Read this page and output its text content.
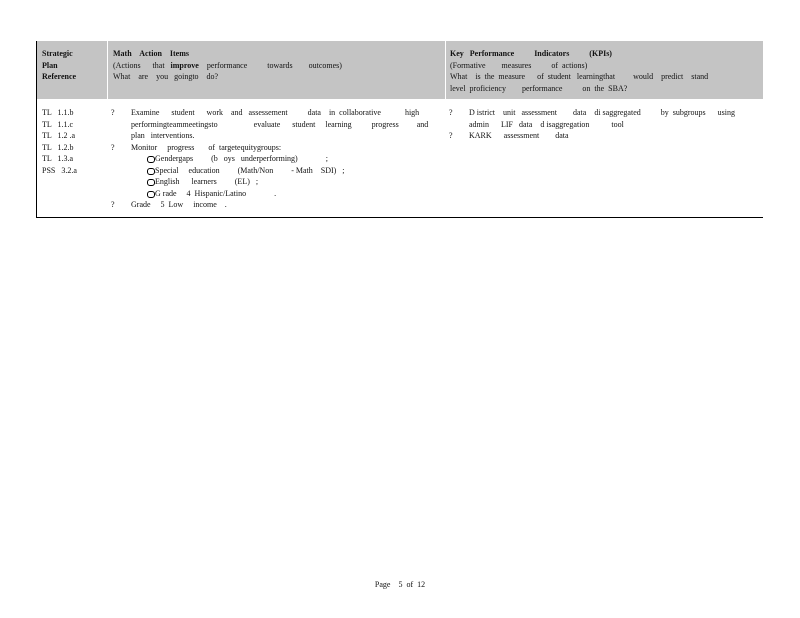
Strategic
Plan
Reference
Math    Action    Items
(Actions      that   improve    performance          towards        outcomes)
What    are    you   goingto    do?
Key   Performance          Indicators          (KPIs)
(Formative        measures          of  actions)
What    is  the  measure      of  student   learningthat         would    predict    stand
level  proficiency        performance          on  the  SBA?
TL   1.1.b
TL   1.1.c
TL   1.2 .a
TL   1.2.b
TL   1.3.a
PSS   3.2.a
? Examine      student      work    and   assessement          data    in  collaborative            high
performingteammeetingsto                  evaluate      student     learning          progress         and
plan   interventions.
? Monitor     progress       of  targetequitygroups:
Gendergaps         (b   oys   underperforming)              ;
Special     education         (Math/Non         - Math    SDI)   ;
English      learners         (EL)   ;
G rade     4  Hispanic/Latino              .
? Grade     5  Low     income    .
? D istrict    unit   assessment        data    di saggregated          by  subgroups      using
admin      LIF   data    d isaggregation           tool
? KARK      assessment        data
Page    5  of  12
